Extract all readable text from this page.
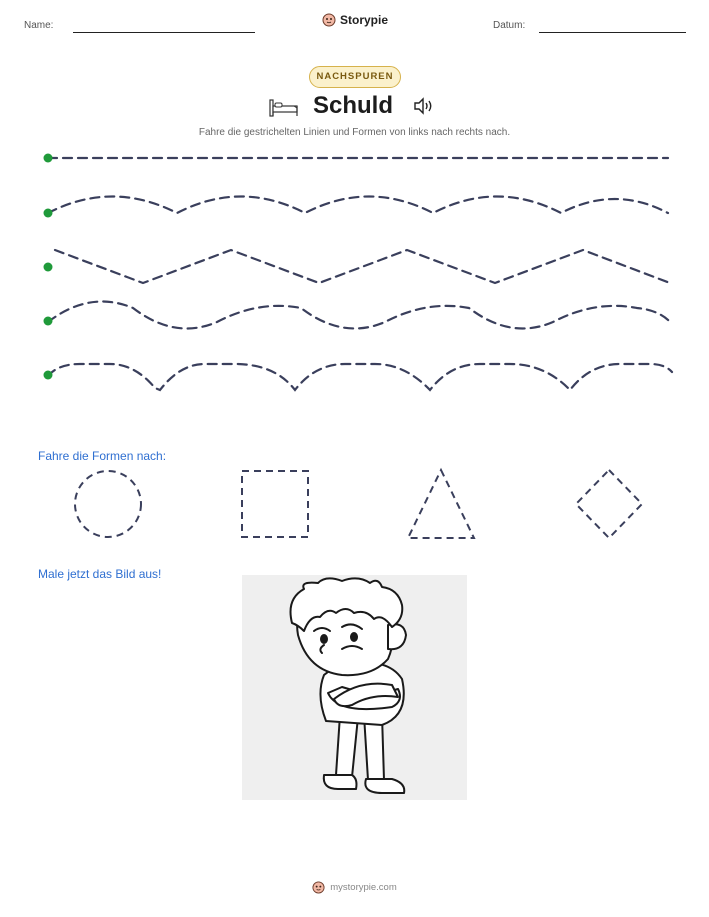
Name:	Storypie	Datum:
NACHSPUREN
Schuld
Fahre die gestrichelten Linien und Formen von links nach rechts nach.
Fahre die Formen nach:
Male jetzt das Bild aus!
mystorypie.com
